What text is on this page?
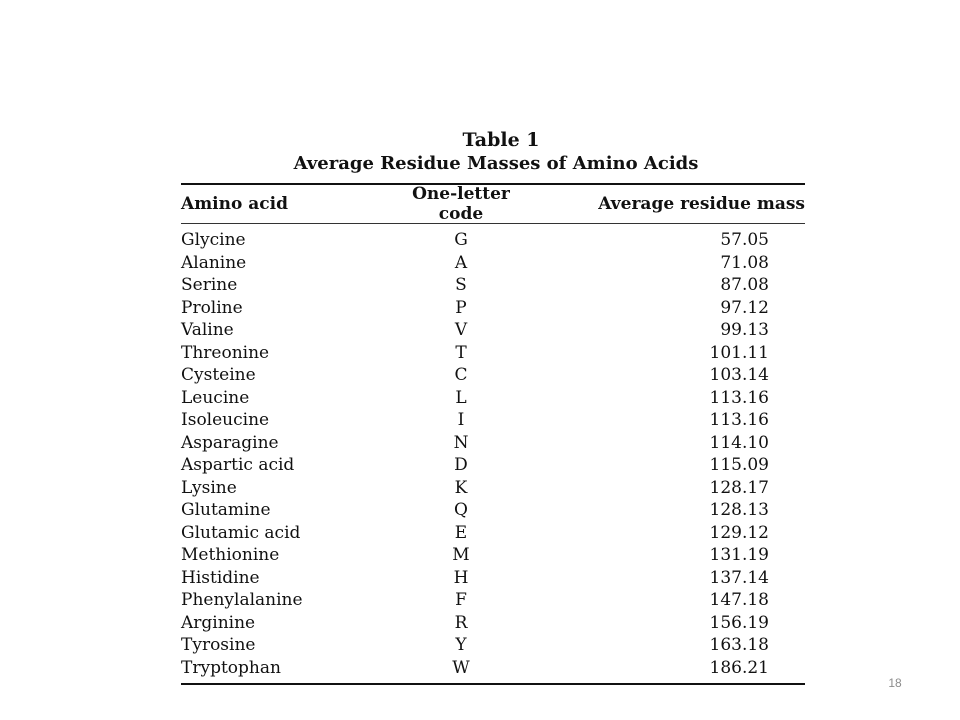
Table 1
Average Residue Masses of Amino Acids
Amino acid	One-letter code	Average residue mass
Glycine	G	57.05
Alanine	A	71.08
Serine	S	87.08
Proline	P	97.12
Valine	V	99.13
Threonine	T	101.11
Cysteine	C	103.14
Leucine	L	113.16
Isoleucine	I	113.16
Asparagine	N	114.10
Aspartic acid	D	115.09
Lysine	K	128.17
Glutamine	Q	128.13
Glutamic acid	E	129.12
Methionine	M	131.19
Histidine	H	137.14
Phenylalanine	F	147.18
Arginine	R	156.19
Tyrosine	Y	163.18
Tryptophan	W	186.21
18
